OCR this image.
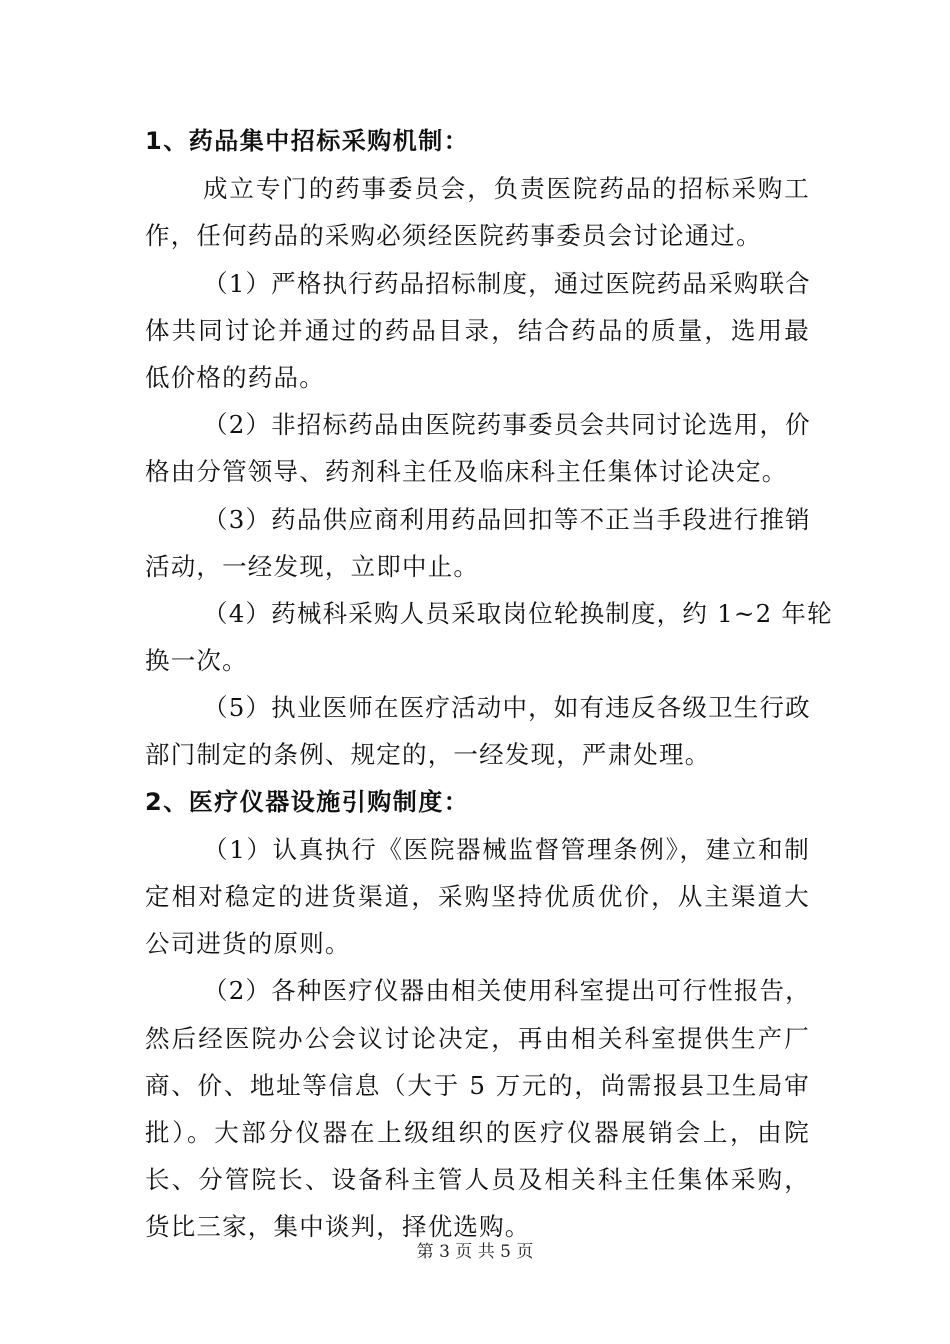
1、药品集中招标采购机制：
成立专门的药事委员会，负责医院药品的招标采购工
作，任何药品的采购必须经医院药事委员会讨论通过。
（1）严格执行药品招标制度，通过医院药品采购联合
体共同讨论并通过的药品目录，结合药品的质量，选用最
低价格的药品。
（2）非招标药品由医院药事委员会共同讨论选用，价
格由分管领导、药剂科主任及临床科主任集体讨论决定。
（3）药品供应商利用药品回扣等不正当手段进行推销
活动，一经发现，立即中止。
（4）药械科采购人员采取岗位轮换制度，约 1~2 年轮
换一次。
（5）执业医师在医疗活动中，如有违反各级卫生行政
部门制定的条例、规定的，一经发现，严肃处理。
2、医疗仪器设施引购制度：
（1）认真执行《医院器械监督管理条例》，建立和制
定相对稳定的进货渠道，采购坚持优质优价，从主渠道大
公司进货的原则。
（2）各种医疗仪器由相关使用科室提出可行性报告，
然后经医院办公会议讨论决定，再由相关科室提供生产厂
商、价、地址等信息（大于 5 万元的，尚需报县卫生局审
批）。大部分仪器在上级组织的医疗仪器展销会上，由院
长、分管院长、设备科主管人员及相关科主任集体采购，
货比三家，集中谈判，择优选购。
第 3 页 共 5 页
